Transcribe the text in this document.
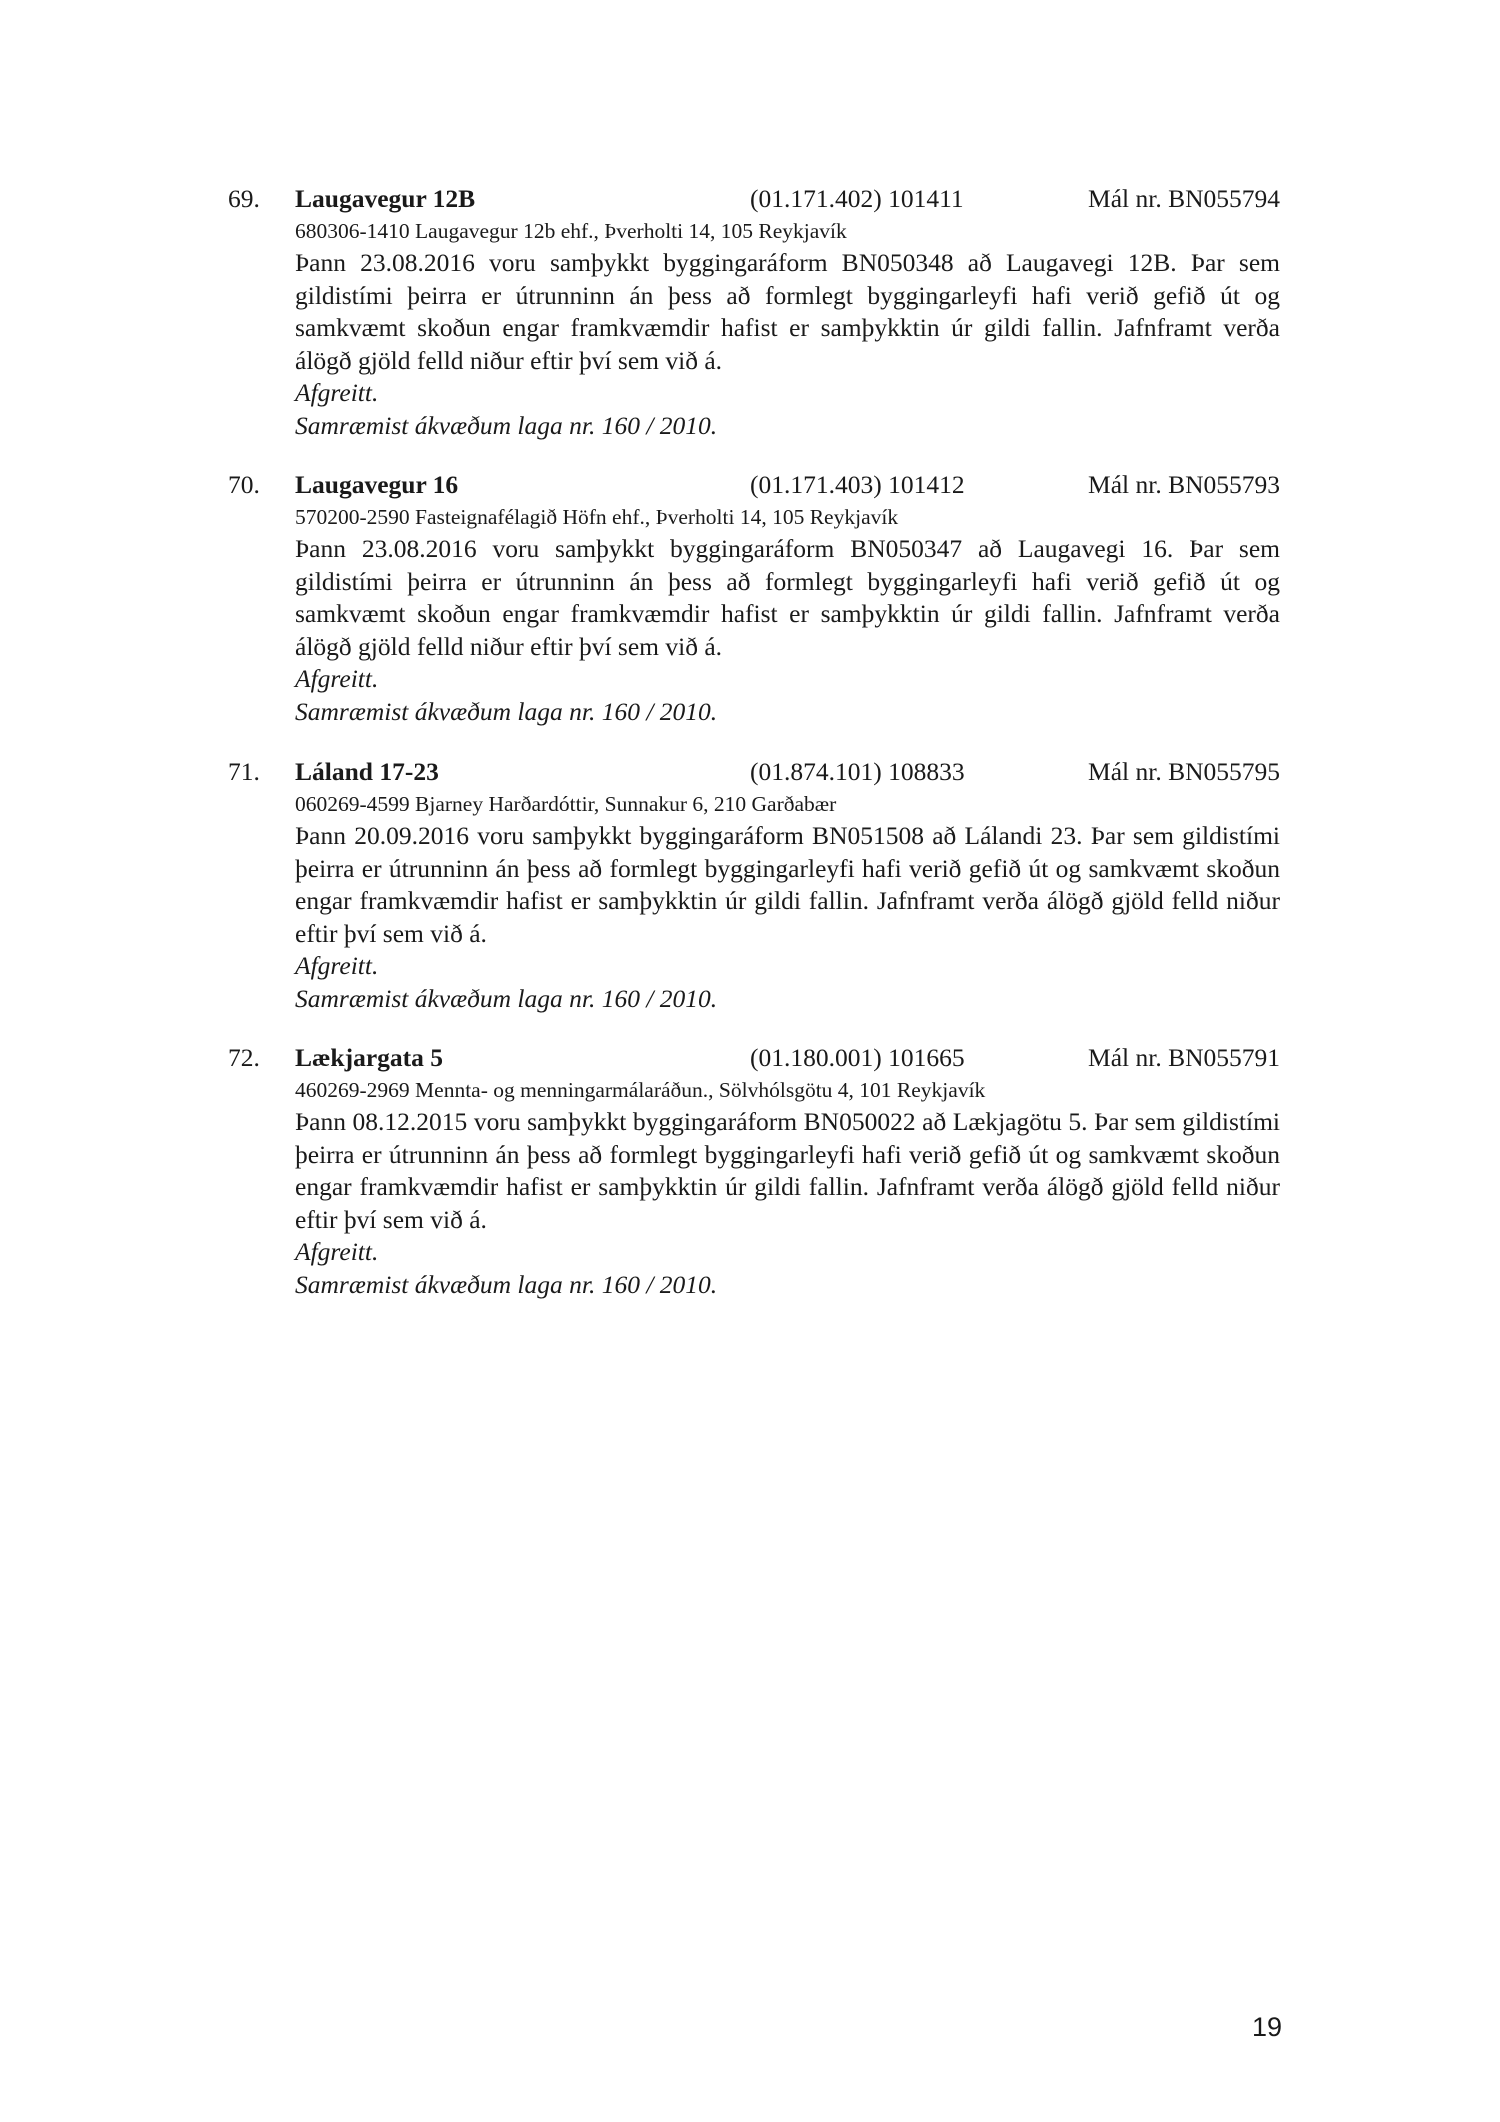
69. Laugavegur 12B	(01.171.402) 101411	Mál nr. BN055794
680306-1410 Laugavegur 12b ehf., Þverholti 14, 105 Reykjavík
Þann 23.08.2016 voru samþykkt byggingaráform BN050348 að Laugavegi 12B. Þar sem gildistími þeirra er útrunninn án þess að formlegt byggingarleyfi hafi verið gefið út og samkvæmt skoðun engar framkvæmdir hafist er samþykktin úr gildi fallin. Jafnframt verða álögð gjöld felld niður eftir því sem við á.
Afgreitt.
Samræmist ákvæðum laga nr. 160 / 2010.
70. Laugavegur 16	(01.171.403) 101412	Mál nr. BN055793
570200-2590 Fasteignafélagið Höfn ehf., Þverholti 14, 105 Reykjavík
Þann 23.08.2016 voru samþykkt byggingaráform BN050347 að Laugavegi 16. Þar sem gildistími þeirra er útrunninn án þess að formlegt byggingarleyfi hafi verið gefið út og samkvæmt skoðun engar framkvæmdir hafist er samþykktin úr gildi fallin. Jafnframt verða álögð gjöld felld niður eftir því sem við á.
Afgreitt.
Samræmist ákvæðum laga nr. 160 / 2010.
71. Láland 17-23	(01.874.101) 108833	Mál nr. BN055795
060269-4599 Bjarney Harðardóttir, Sunnakur 6, 210 Garðabær
Þann 20.09.2016 voru samþykkt byggingaráform BN051508 að Lálandi 23. Þar sem gildistími þeirra er útrunninn án þess að formlegt byggingarleyfi hafi verið gefið út og samkvæmt skoðun engar framkvæmdir hafist er samþykktin úr gildi fallin. Jafnframt verða álögð gjöld felld niður eftir því sem við á.
Afgreitt.
Samræmist ákvæðum laga nr. 160 / 2010.
72. Lækjargata 5	(01.180.001) 101665	Mál nr. BN055791
460269-2969 Mennta- og menningarmálaráðun., Sölvhólsgötu 4, 101 Reykjavík
Þann 08.12.2015 voru samþykkt byggingaráform BN050022 að Lækjagötu 5. Þar sem gildistími þeirra er útrunninn án þess að formlegt byggingarleyfi hafi verið gefið út og samkvæmt skoðun engar framkvæmdir hafist er samþykktin úr gildi fallin. Jafnframt verða álögð gjöld felld niður eftir því sem við á.
Afgreitt.
Samræmist ákvæðum laga nr. 160 / 2010.
19
